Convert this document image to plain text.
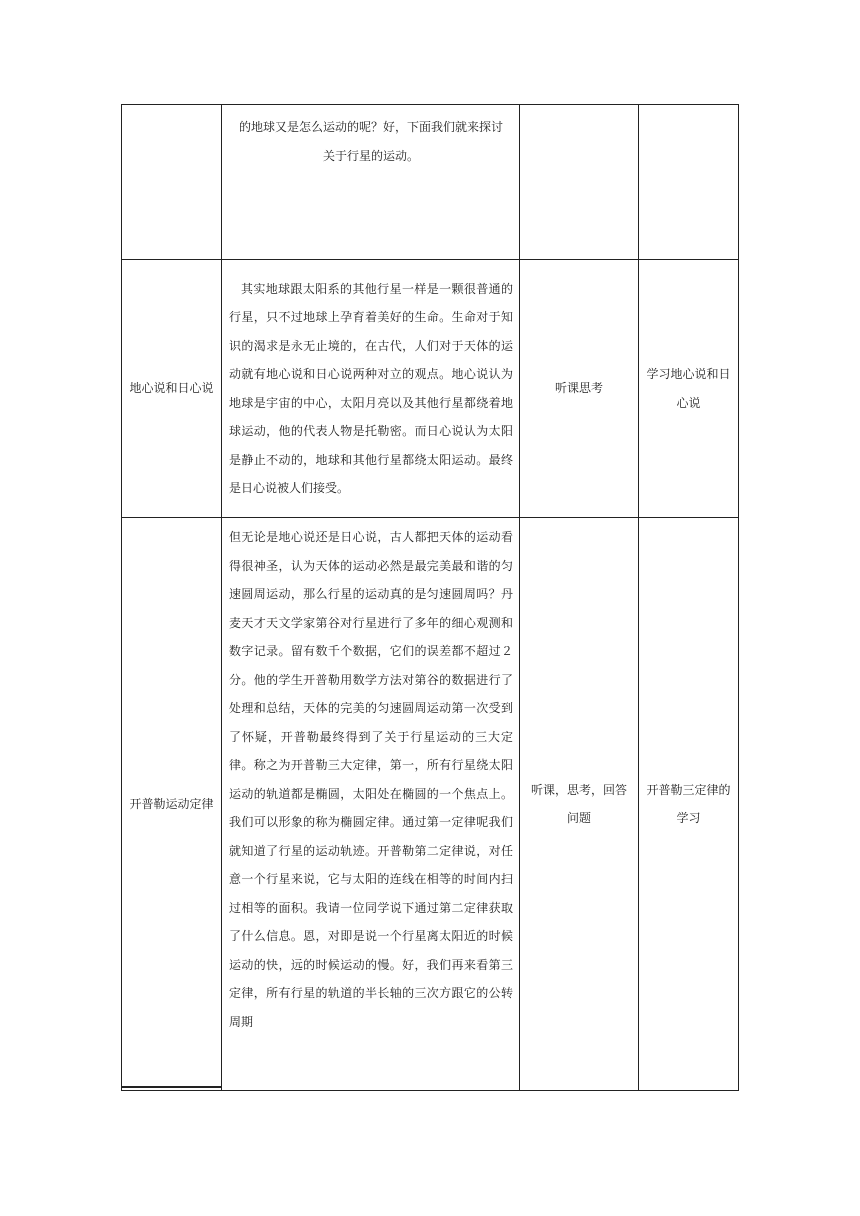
	的地球又是怎么运动的呢？好，下面我们就来探讨
关于行星的运动。		

地心说和日心说	其实地球跟太阳系的其他行星一样是一颗很普通的行星，只不过地球上孕育着美好的生命。生命对于知识的渴求是永无止境的，在古代，人们对于天体的运动就有地心说和日心说两种对立的观点。地心说认为地球是宇宙的中心，太阳月亮以及其他行星都绕着地球运动，他的代表人物是托勒密。而日心说认为太阳是静止不动的，地球和其他行星都绕太阳运动。最终是日心说被人们接受。	听课思考	学习地心说和日心说
开普勒运动定律	但无论是地心说还是日心说，古人都把天体的运动看得很神圣，认为天体的运动必然是最完美最和谐的匀速圆周运动，那么行星的运动真的是匀速圆周吗？丹麦天才天文学家第谷对行星进行了多年的细心观测和数字记录。留有数千个数据，它们的误差都不超过２分。他的学生开普勒用数学方法对第谷的数据进行了处理和总结，天体的完美的匀速圆周运动第一次受到了怀疑，开普勒最终得到了关于行星运动的三大定律。称之为开普勒三大定律，第一，所有行星绕太阳运动的轨道都是椭圆，太阳处在椭圆的一个焦点上。我们可以形象的称为椭圆定律。通过第一定律呢我们就知道了行星的运动轨迹。开普勒第二定律说，对任意一个行星来说，它与太阳的连线在相等的时间内扫过相等的面积。我请一位同学说下通过第二定律获取了什么信息。恩，对即是说一个行星离太阳近的时候运动的快，远的时候运动的慢。好，我们再来看第三定律，所有行星的轨道的半长轴的三次方跟它的公转周期	听课，思考，回答问题	开普勒三定律的学习
